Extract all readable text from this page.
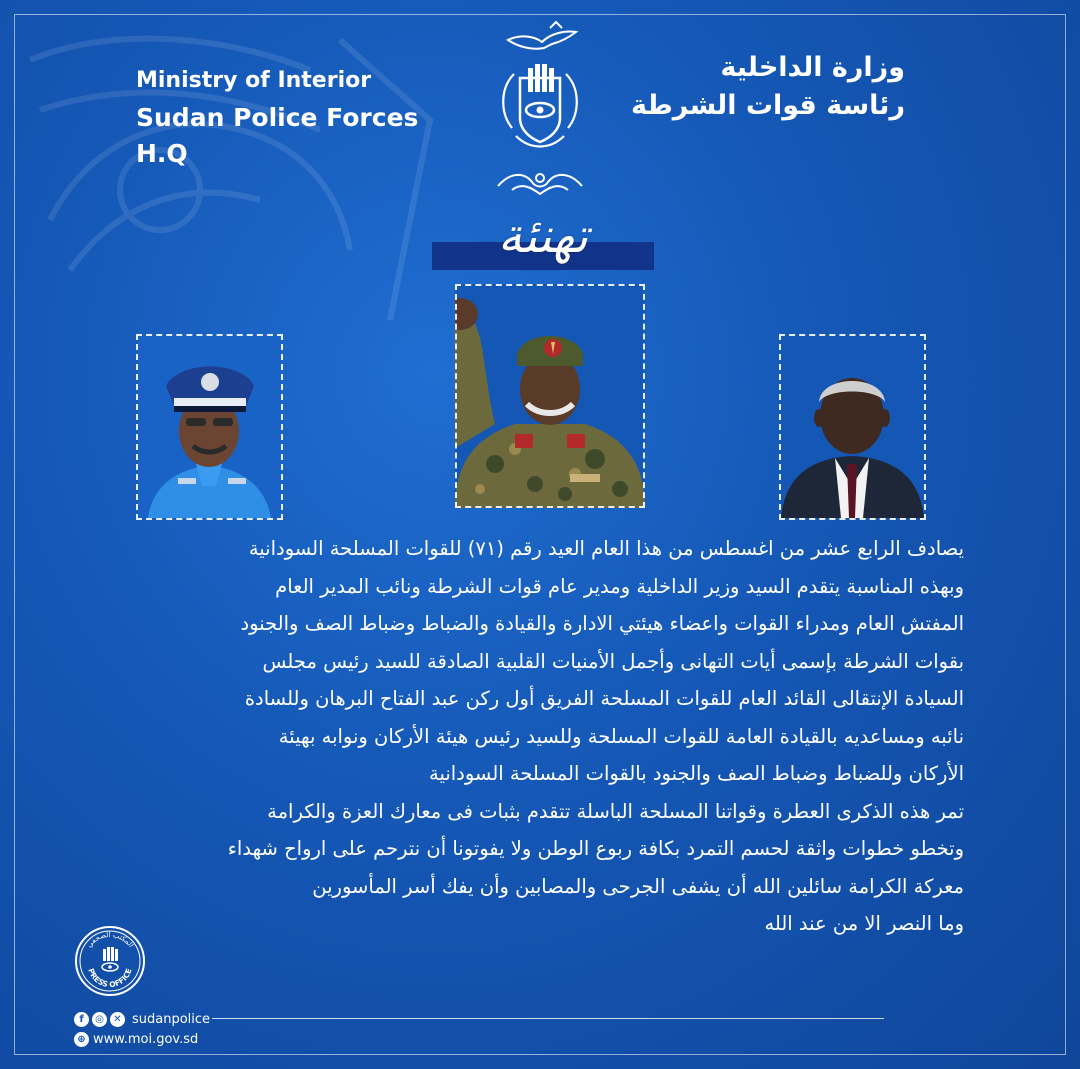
Ministry of Interior
Sudan Police Forces H.Q
وزارة الداخلية
رئاسة قوات الشرطة
تهنئة

يصادف الرابع عشر من اغسطس من هذا العام العيد رقم (٧١) للقوات المسلحة السودانية

وبهذه المناسبة يتقدم السيد وزير الداخلية ومدير عام قوات الشرطة ونائب المدير العام

المفتش العام ومدراء القوات واعضاء هيئتي الادارة والقيادة والضباط وضباط الصف والجنود

بقوات الشرطة بإسمى أيات التهانى وأجمل الأمنيات القلبية الصادقة للسيد رئيس مجلس

السيادة الإنتقالى القائد العام للقوات المسلحة الفريق أول ركن عبد الفتاح البرهان وللسادة

نائبه ومساعديه بالقيادة العامة للقوات المسلحة وللسيد رئيس هيئة الأركان ونوابه بهيئة

الأركان وللضباط وضباط الصف والجنود بالقوات المسلحة السودانية

تمر هذه الذكرى العطرة وقواتنا المسلحة الباسلة تتقدم بثبات فى معارك العزة والكرامة

وتخطو خطوات واثقة لحسم التمرد بكافة ربوع الوطن ولا يفوتونا أن نترحم على ارواح شهداء

معركة الكرامة سائلين الله أن يشفى الجرحى والمصابين وأن يفك أسر المأسورين

وما النصر الا من عند الله

المكتب الصحفي
PRESS OFFICE
f	◎ ✕ sudanpolice
⊕ www.moi.gov.sd
